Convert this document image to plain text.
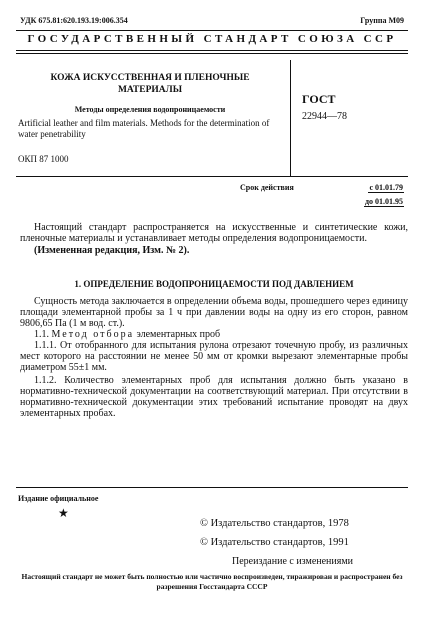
УДК 675.81:620.193.19:006.354	Группа М09
ГОСУДАРСТВЕННЫЙ СТАНДАРТ СОЮЗА ССР
КОЖА ИСКУССТВЕННАЯ И ПЛЕНОЧНЫЕ МАТЕРИАЛЫ
Методы определения водопроницаемости
Artificial leather and film materials. Methods for the determination of water penetrability
ОКП 87 1000
ГОСТ
22944—78
Срок действия	с 01.01.79
до 01.01.95

Настоящий стандарт распространяется на искусственные и синтетические кожи, пленочные материалы и устанавливает методы определения водопроницаемости.

(Измененная редакция, Изм. № 2).

1. ОПРЕДЕЛЕНИЕ ВОДОПРОНИЦАЕМОСТИ ПОД ДАВЛЕНИЕМ

Сущность метода заключается в определении объема воды, прошедшего через единицу площади элементарной пробы за 1 ч при давлении воды на одну из его сторон, равном 9806,65 Па (1 м вод. ст.).

1.1. Метод отбора элементарных проб

1.1.1. От отобранного для испытания рулона отрезают точечную пробу, из различных мест которого на расстоянии не менее 50 мм от кромки вырезают элементарные пробы диаметром 55±1 мм.

1.1.2. Количество элементарных проб для испытания должно быть указано в нормативно-технической документации на соответствующий материал. При отсутствии в нормативно-технической документации этих требований испытание проводят на двух элементарных пробах.

Издание официальное
★
© Издательство стандартов, 1978
© Издательство стандартов, 1991
Переиздание с изменениями
Настоящий стандарт не может быть полностью или частично воспроизведен, тиражирован и распространен без разрешения Госстандарта СССР
